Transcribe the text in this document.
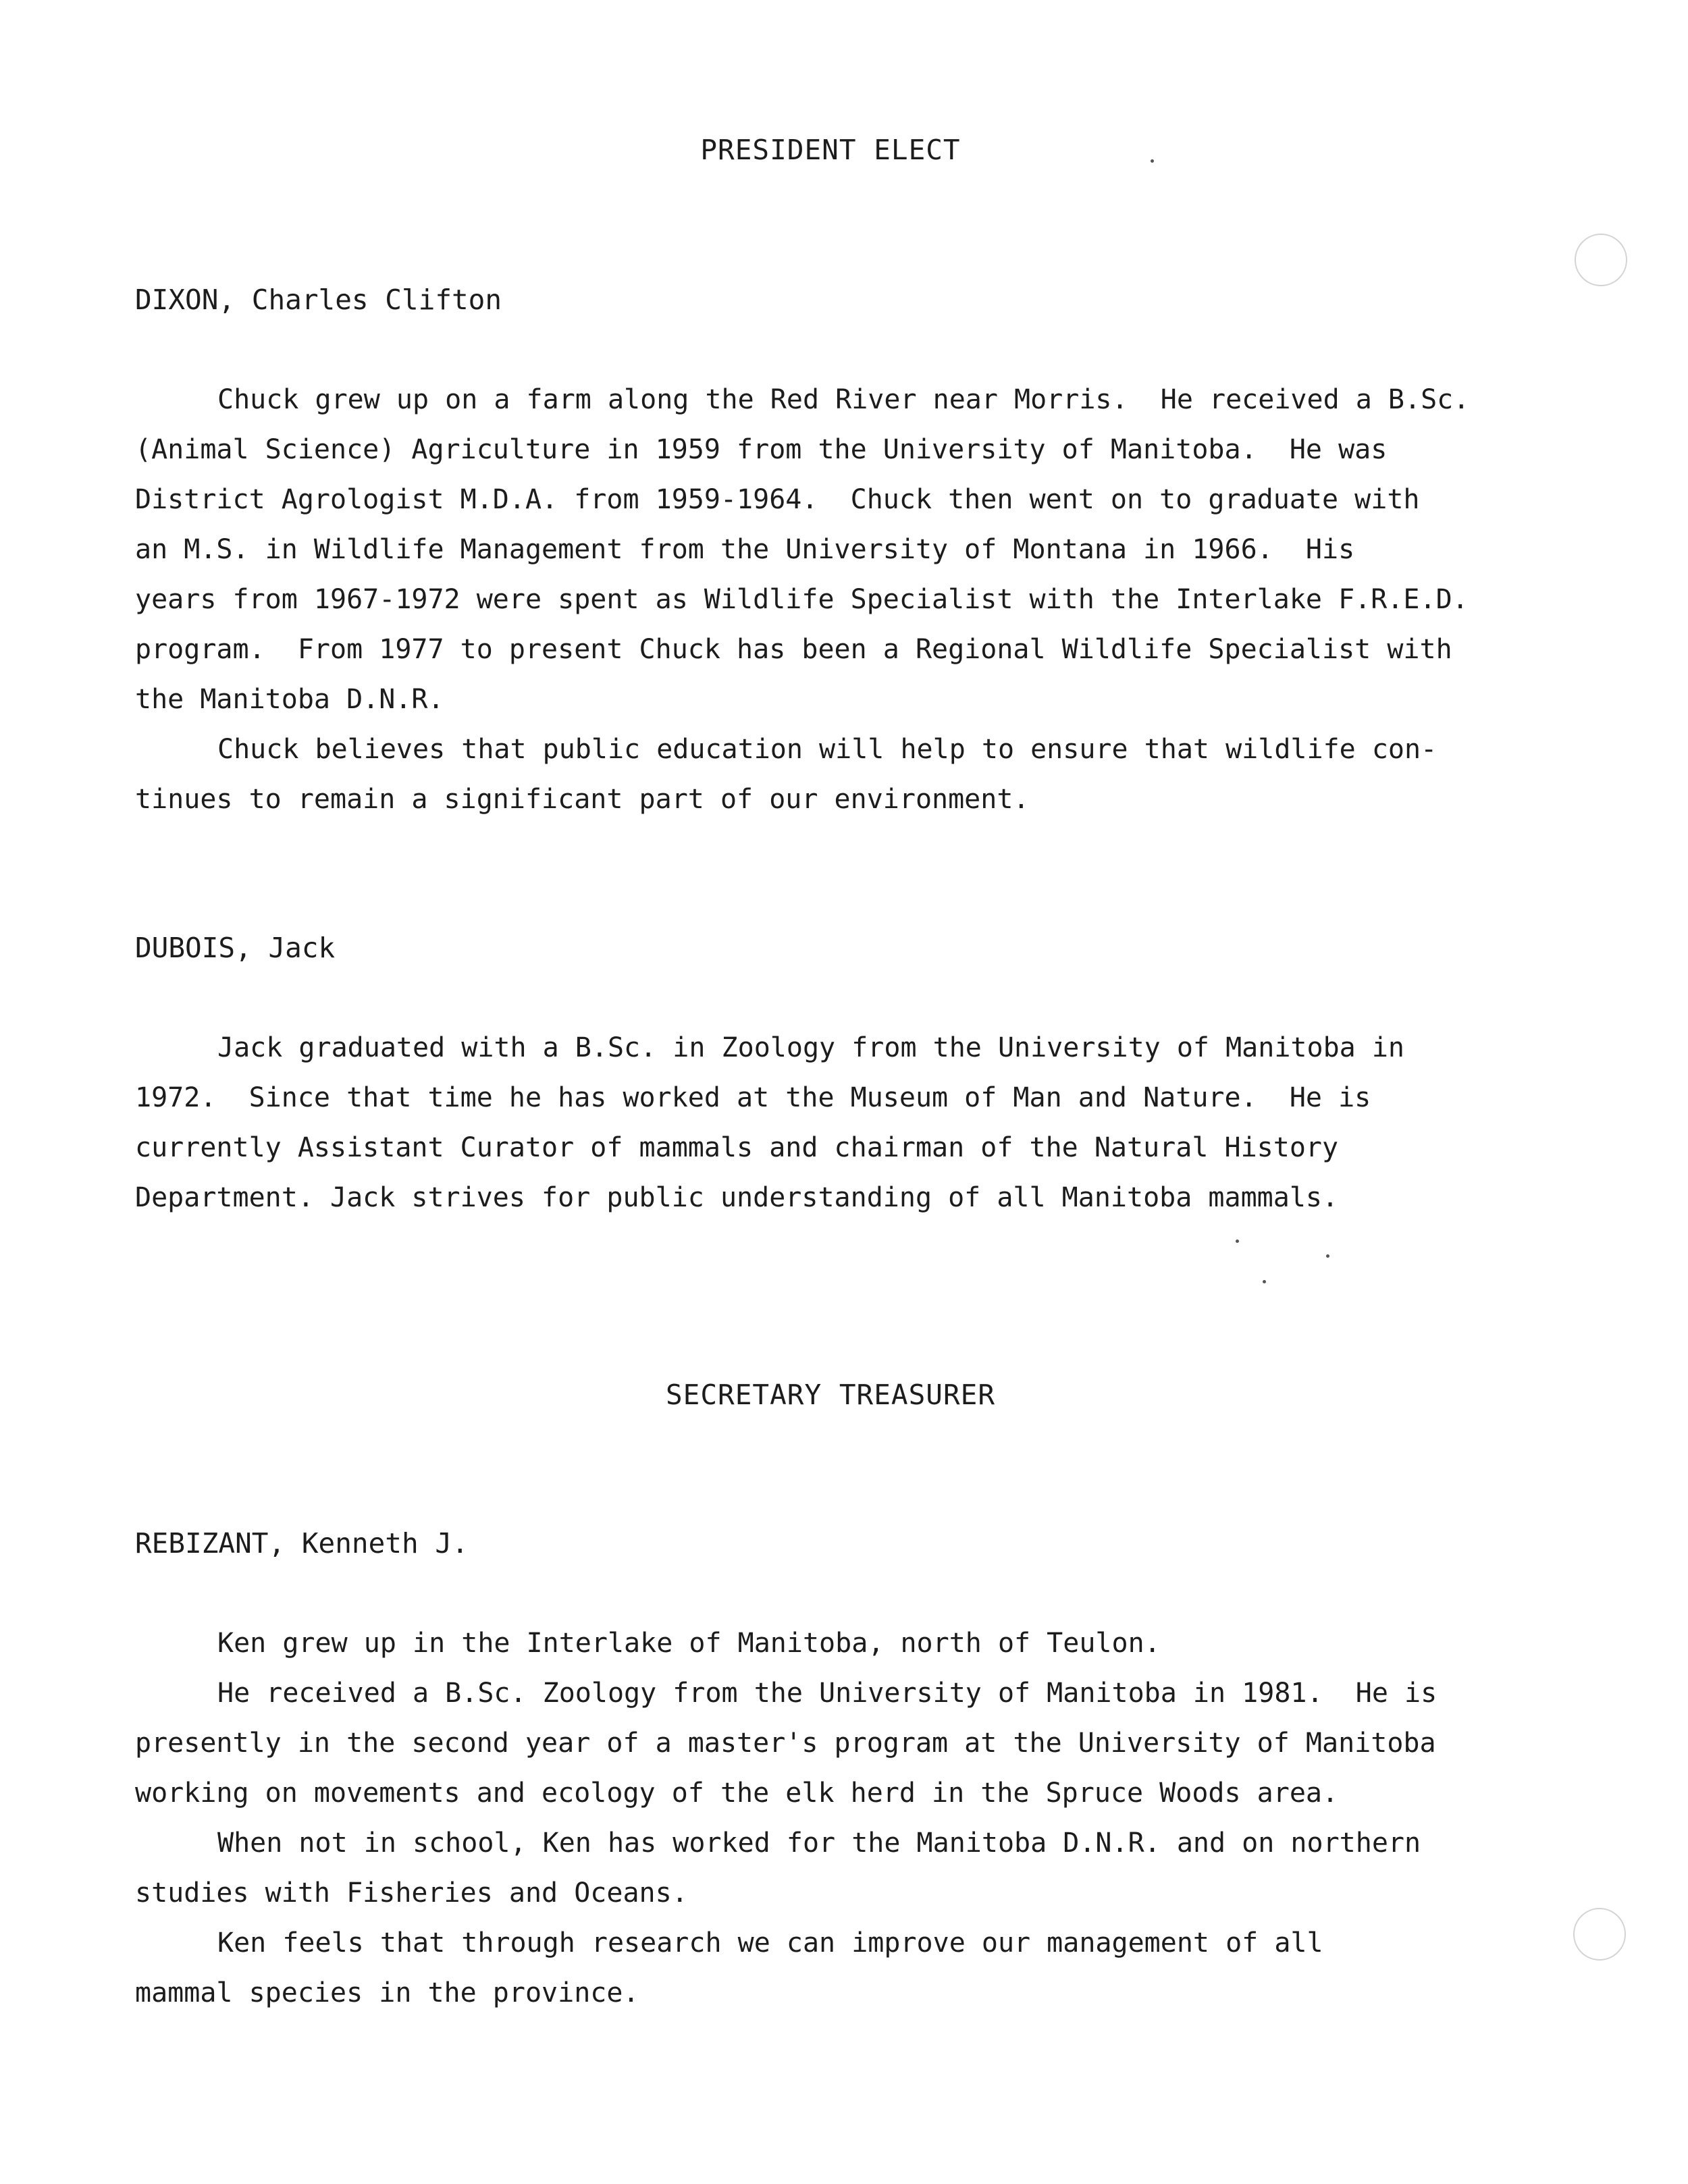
PRESIDENT ELECT
DIXON, Charles Clifton
Chuck grew up on a farm along the Red River near Morris.  He received a B.Sc.
(Animal Science) Agriculture in 1959 from the University of Manitoba.  He was
District Agrologist M.D.A. from 1959-1964.  Chuck then went on to graduate with
an M.S. in Wildlife Management from the University of Montana in 1966.  His
years from 1967-1972 were spent as Wildlife Specialist with the Interlake F.R.E.D.
program.  From 1977 to present Chuck has been a Regional Wildlife Specialist with
the Manitoba D.N.R.
Chuck believes that public education will help to ensure that wildlife con-
tinues to remain a significant part of our environment.
DUBOIS, Jack
Jack graduated with a B.Sc. in Zoology from the University of Manitoba in
1972.  Since that time he has worked at the Museum of Man and Nature.  He is
currently Assistant Curator of mammals and chairman of the Natural History
Department. Jack strives for public understanding of all Manitoba mammals.
SECRETARY TREASURER
REBIZANT, Kenneth J.
Ken grew up in the Interlake of Manitoba, north of Teulon.
He received a B.Sc. Zoology from the University of Manitoba in 1981.  He is
presently in the second year of a master's program at the University of Manitoba
working on movements and ecology of the elk herd in the Spruce Woods area.
When not in school, Ken has worked for the Manitoba D.N.R. and on northern
studies with Fisheries and Oceans.
Ken feels that through research we can improve our management of all
mammal species in the province.
